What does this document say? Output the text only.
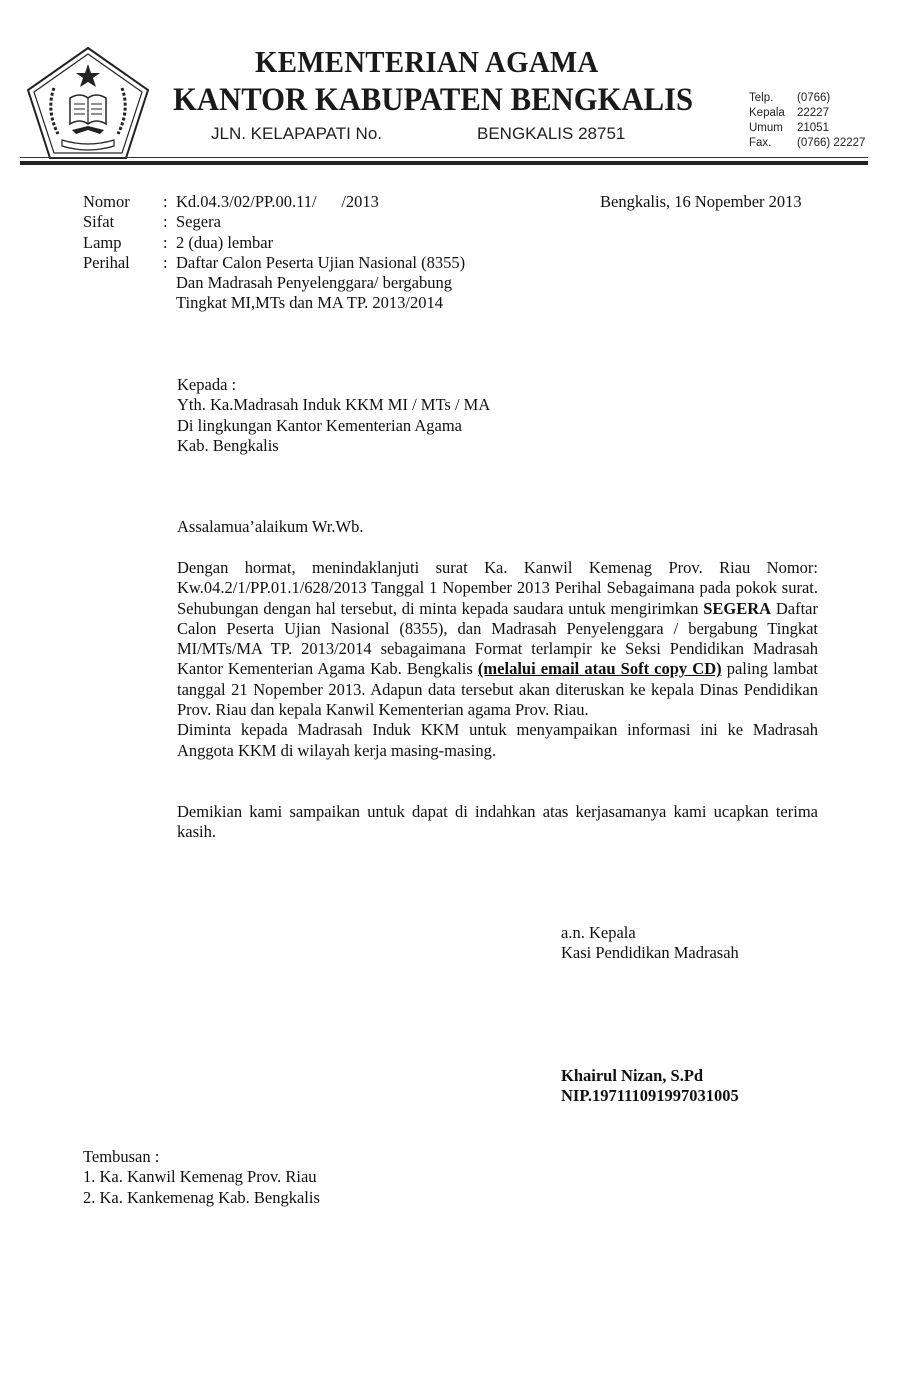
KEMENTERIAN AGAMA
KANTOR KABUPATEN BENGKALIS
JLN. KELAPAPATI No.	BENGKALIS 28751
Telp.	(0766)
Kepala	22227
Umum	21051
Fax.	(0766) 22227
Nomor	: Kd.04.3/02/PP.00.11/      /2013
Sifat	: Segera
Lamp	: 2 (dua) lembar
Perihal	: Daftar Calon Peserta Ujian Nasional (8355)
Dan Madrasah Penyelenggara/ bergabung
Tingkat MI,MTs dan MA TP. 2013/2014
Bengkalis, 16 Nopember 2013
Kepada :
Yth. Ka.Madrasah Induk KKM MI / MTs / MA
Di lingkungan Kantor Kementerian Agama
Kab. Bengkalis
Assalamua’alaikum Wr.Wb.

Dengan hormat, menindaklanjuti surat Ka. Kanwil Kemenag Prov. Riau Nomor: Kw.04.2/1/PP.01.1/628/2013 Tanggal 1 Nopember 2013 Perihal Sebagaimana pada pokok surat. Sehubungan dengan hal tersebut, di minta kepada saudara untuk mengirimkan SEGERA Daftar Calon Peserta Ujian Nasional (8355), dan Madrasah Penyelenggara / bergabung Tingkat MI/MTs/MA TP. 2013/2014 sebagaimana Format terlampir ke Seksi Pendidikan Madrasah Kantor Kementerian Agama Kab. Bengkalis (melalui email atau Soft copy CD) paling lambat tanggal 21 Nopember 2013. Adapun data tersebut akan diteruskan ke kepala Dinas Pendidikan Prov. Riau dan kepala Kanwil Kementerian agama Prov. Riau.

Diminta kepada Madrasah Induk KKM untuk menyampaikan informasi ini ke Madrasah Anggota KKM di wilayah kerja masing-masing.

Demikian kami sampaikan untuk dapat di indahkan atas kerjasamanya kami ucapkan terima kasih.
a.n. Kepala
Kasi Pendidikan Madrasah
Khairul Nizan, S.Pd
NIP.197111091997031005
Tembusan :
1. Ka. Kanwil Kemenag Prov. Riau
2. Ka. Kankemenag Kab. Bengkalis
